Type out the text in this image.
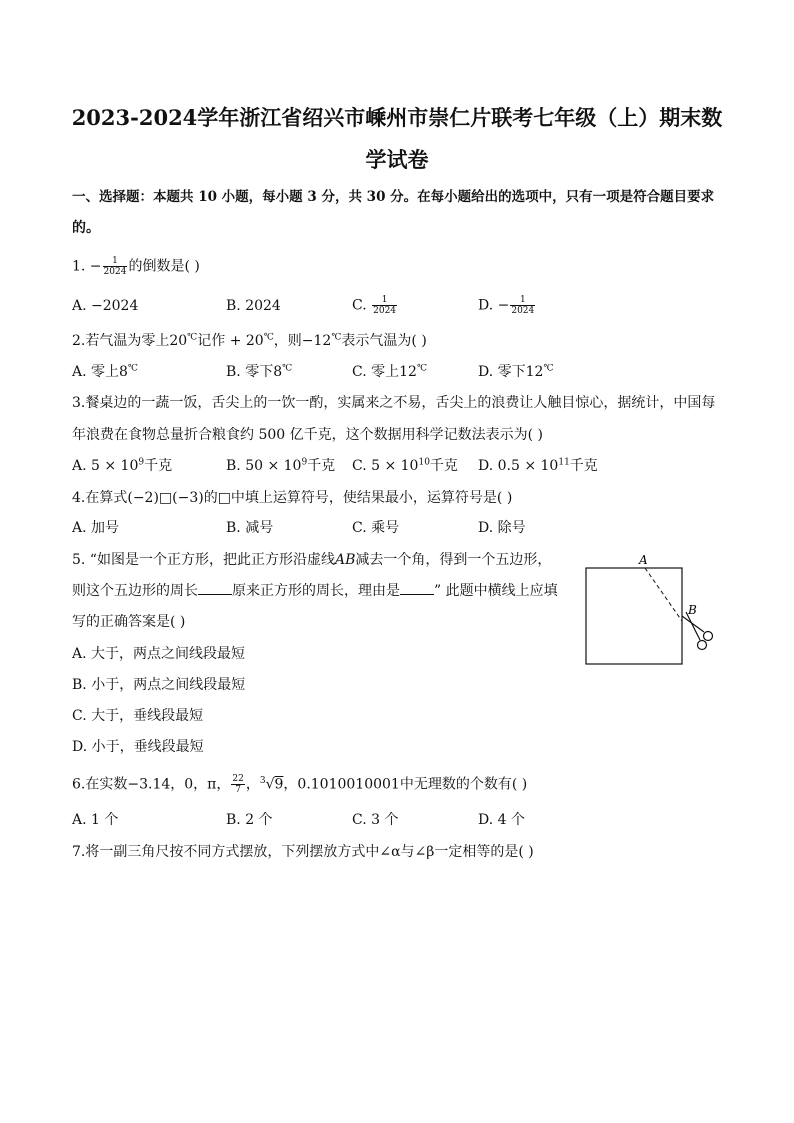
2023-2024学年浙江省绍兴市嵊州市崇仁片联考七年级（上）期末数
学试卷
一、选择题：本题共 10 小题，每小题 3 分，共 30 分。在每小题给出的选项中，只有一项是符合题目要求
的。
1. − $\frac{1}{2024}$ 的倒数是( )
A. −2024	B. 2024	C. $\frac{1}{2024}$	D. − $\frac{1}{2024}$
2.若气温为零上20℃记作 + 20℃，则−12℃表示气温为( )
A. 零上8℃	B. 零下8℃	C. 零上12℃	D. 零下12℃
3.餐桌边的一蔬一饭，舌尖上的一饮一酌，实属来之不易，舌尖上的浪费让人触目惊心，据统计，中国每
年浪费在食物总量折合粮食约 500 亿千克，这个数据用科学记数法表示为( )
A. $5 \times 10^9$千克	B. $50 \times 10^9$千克 C. $5 \times 10^{10}$千克 D. $0.5 \times 10^{11}$千克
4.在算式(−2)□(−3)的□中填上运算符号，使结果最小，运算符号是( )
A. 加号	B. 减号	C. 乘号	D. 除号
5. “如图是一个正方形，把此正方形沿虚线AB减去一个角，得到一个五边形，
则这个五边形的周长 原来正方形的周长，理由是 ” 此题中横线上应填
写的正确答案是( )
A. 大于，两点之间线段最短
B. 小于，两点之间线段最短
C. 大于，垂线段最短
D. 小于，垂线段最短
A
B
6.在实数−3.14，0，π， $\frac{22}{7}$ ，$^3$√9，0.1010010001中无理数的个数有( )
A. 1 个	B. 2 个	C. 3 个	D. 4 个
7.将一副三角尺按不同方式摆放，下列摆放方式中∠α与∠β一定相等的是( )
